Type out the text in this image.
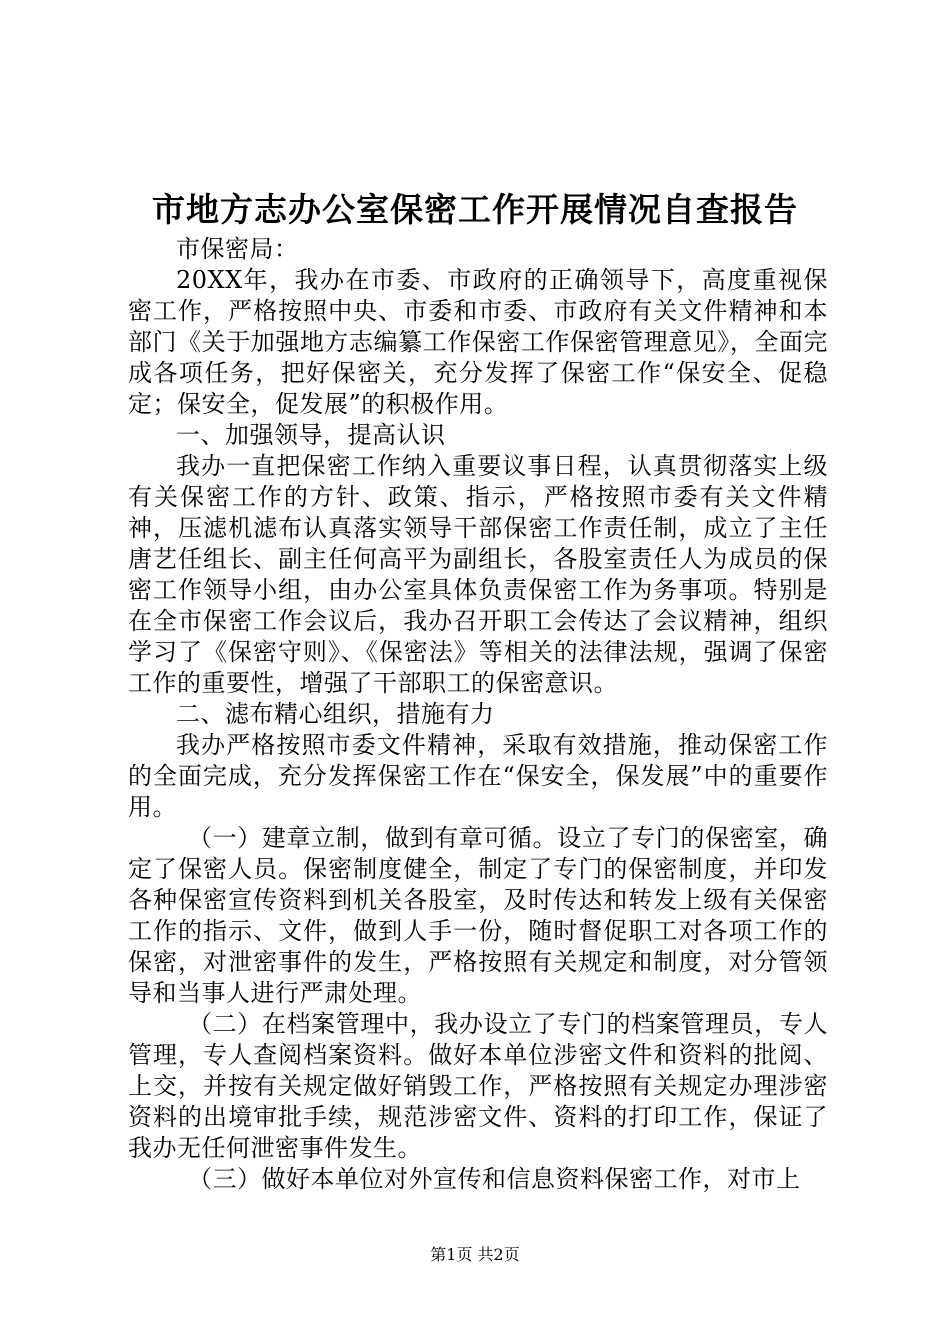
市地方志办公室保密工作开展情况自查报告

市保密局：

20XX年，我办在市委、市政府的正确领导下，高度重视保密工作，严格按照中央、市委和市委、市政府有关文件精神和本部门《关于加强地方志编纂工作保密工作保密管理意见》，全面完成各项任务，把好保密关，充分发挥了保密工作“保安全、促稳定；保安全，促发展”的积极作用。

一、加强领导，提高认识

我办一直把保密工作纳入重要议事日程，认真贯彻落实上级有关保密工作的方针、政策、指示，严格按照市委有关文件精神，压滤机滤布认真落实领导干部保密工作责任制，成立了主任唐艺任组长、副主任何高平为副组长，各股室责任人为成员的保密工作领导小组，由办公室具体负责保密工作为务事项。特别是在全市保密工作会议后，我办召开职工会传达了会议精神，组织学习了《保密守则》、《保密法》等相关的法律法规，强调了保密工作的重要性，增强了干部职工的保密意识。

二、滤布精心组织，措施有力

我办严格按照市委文件精神，采取有效措施，推动保密工作的全面完成，充分发挥保密工作在“保安全，保发展”中的重要作用。

（一）建章立制，做到有章可循。设立了专门的保密室，确定了保密人员。保密制度健全，制定了专门的保密制度，并印发各种保密宣传资料到机关各股室，及时传达和转发上级有关保密工作的指示、文件，做到人手一份，随时督促职工对各项工作的保密，对泄密事件的发生，严格按照有关规定和制度，对分管领导和当事人进行严肃处理。

（二）在档案管理中，我办设立了专门的档案管理员，专人管理，专人查阅档案资料。做好本单位涉密文件和资料的批阅、上交，并按有关规定做好销毁工作，严格按照有关规定办理涉密资料的出境审批手续，规范涉密文件、资料的打印工作，保证了我办无任何泄密事件发生。

（三）做好本单位对外宣传和信息资料保密工作，对市上

第1页 共2页
